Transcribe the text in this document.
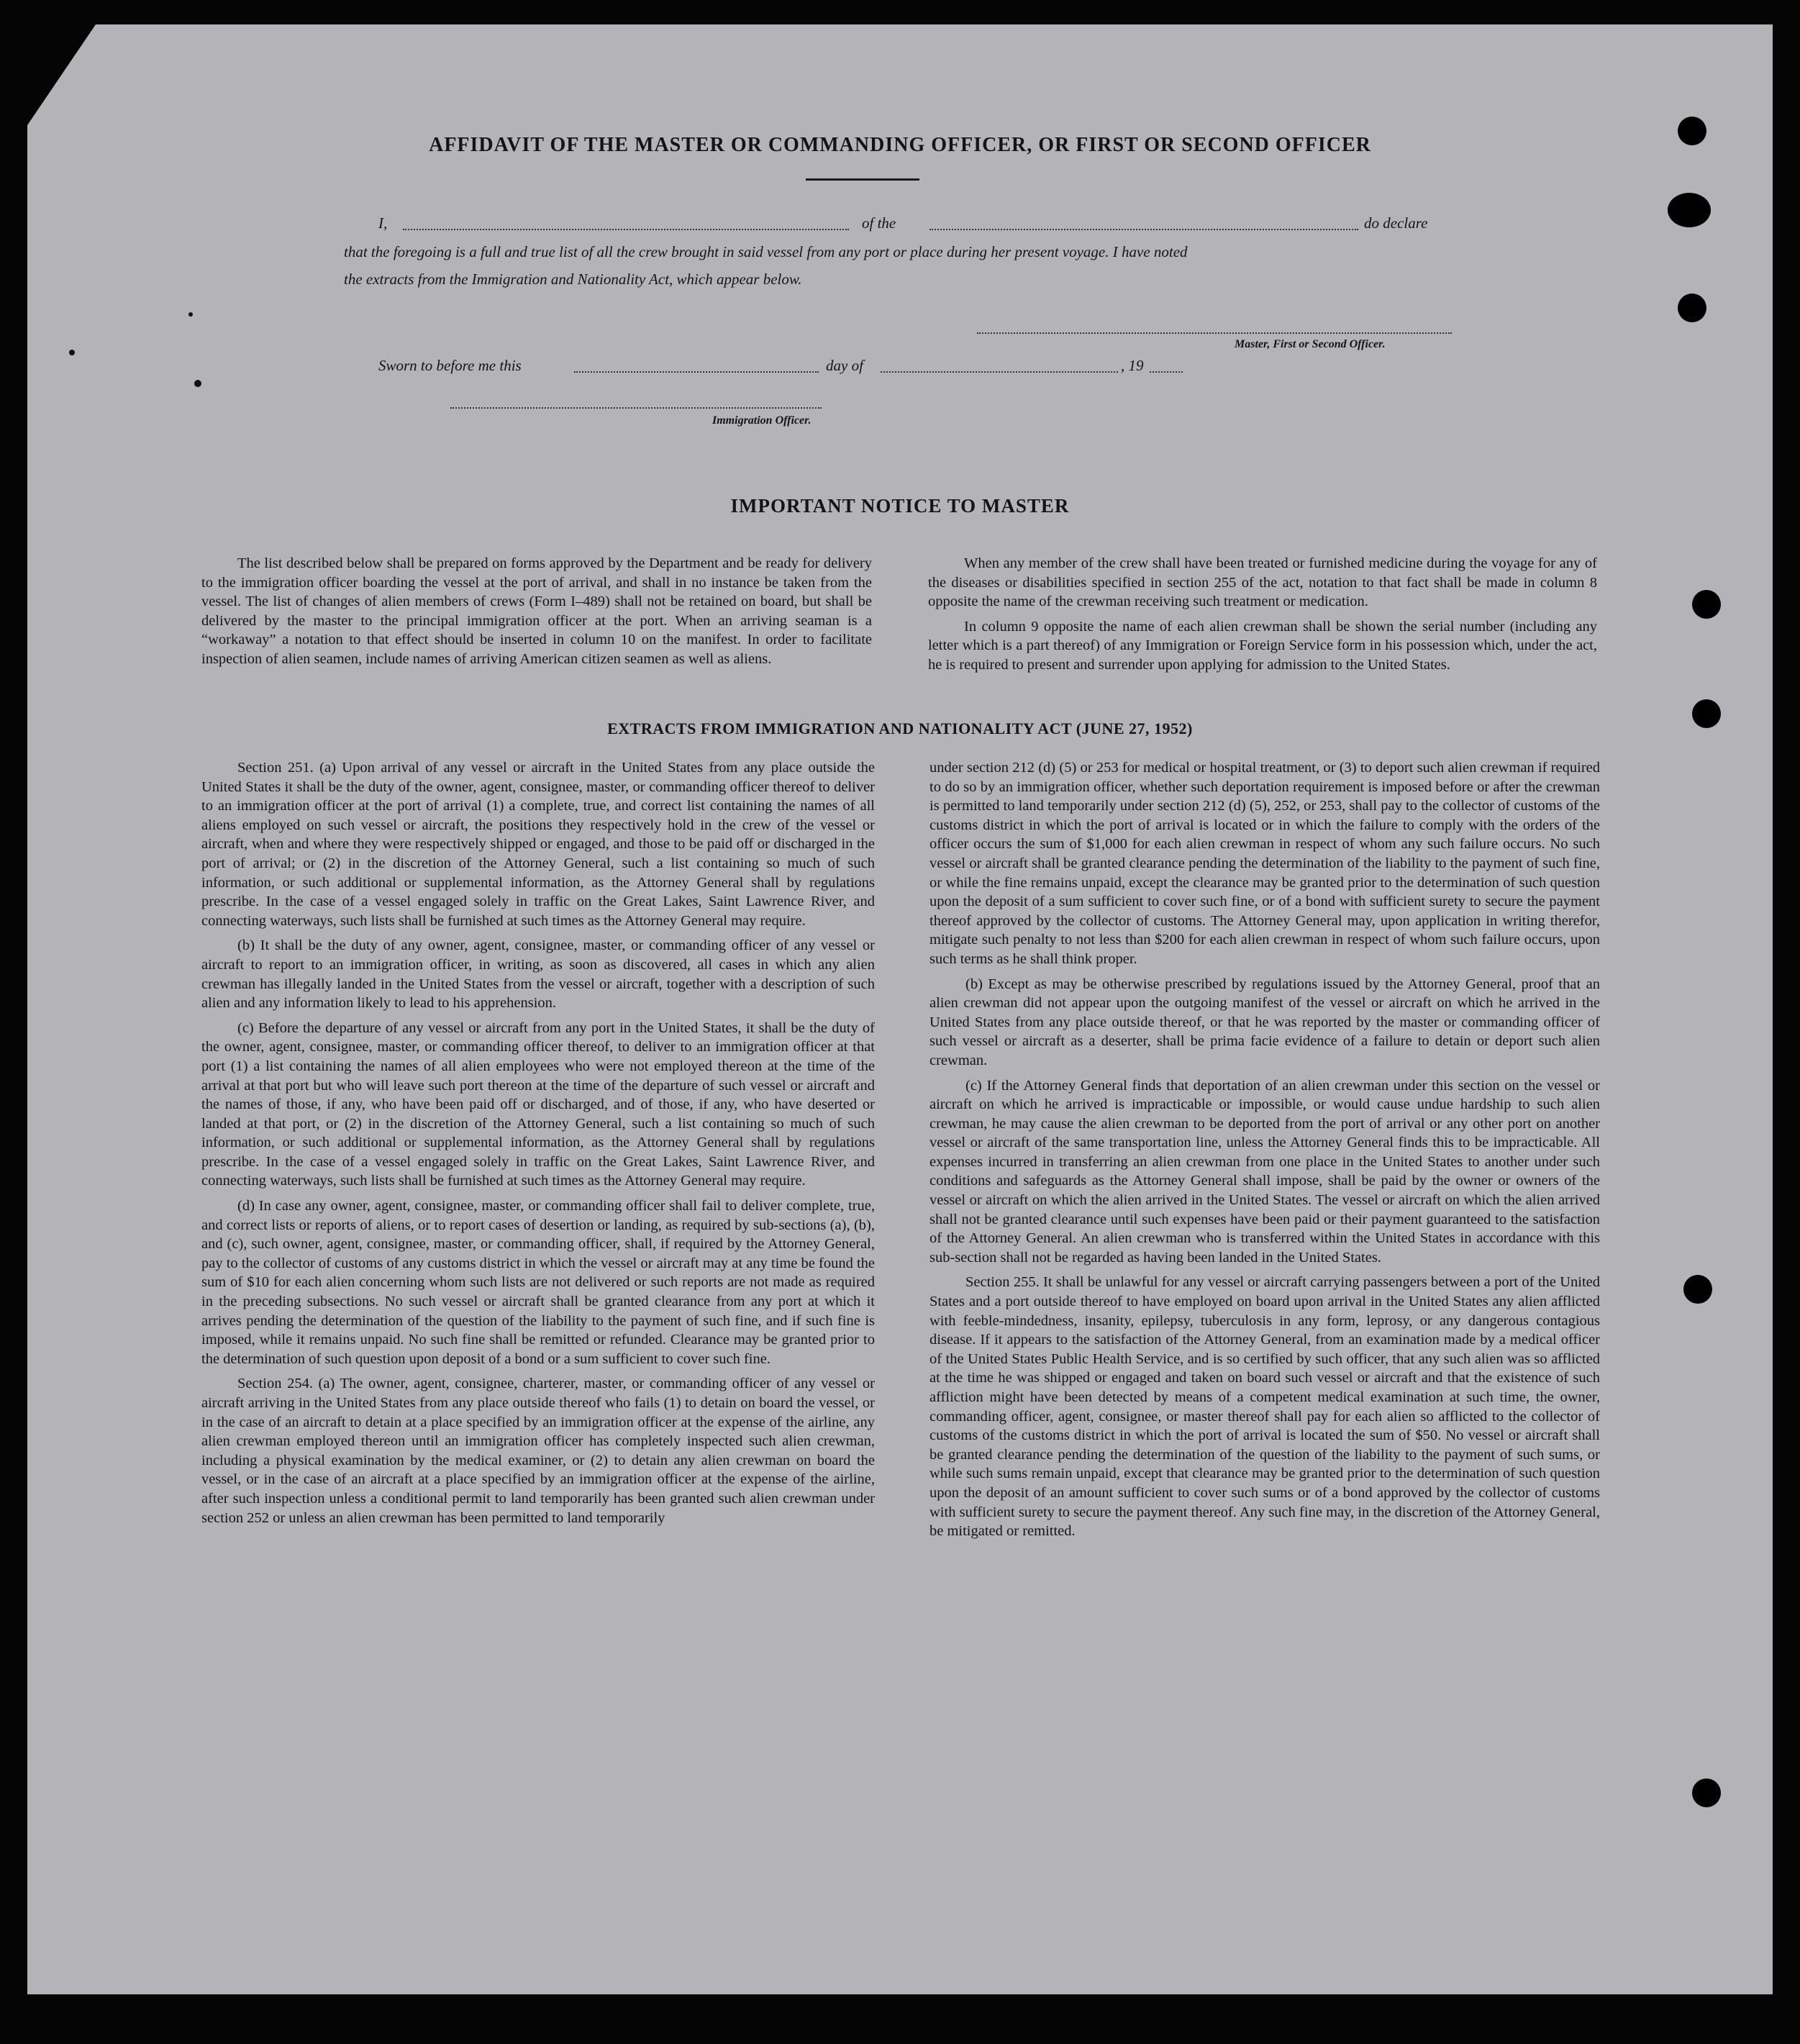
AFFIDAVIT OF THE MASTER OR COMMANDING OFFICER, OR FIRST OR SECOND OFFICER
I,	of the	do declare
that the foregoing is a full and true list of all the crew brought in said vessel from any port or place during her present voyage. I have noted
the extracts from the Immigration and Nationality Act, which appear below.
Master, First or Second Officer.
Sworn to before me this	day of	, 19
Immigration Officer.
IMPORTANT NOTICE TO MASTER

The list described below shall be prepared on forms approved by the Department and be ready for delivery to the immigration officer boarding the vessel at the port of arrival, and shall in no instance be taken from the vessel. The list of changes of alien members of crews (Form I–489) shall not be retained on board, but shall be delivered by the master to the principal immigration officer at the port. When an arriving seaman is a “workaway” a notation to that effect should be inserted in column 10 on the manifest. In order to facilitate inspection of alien seamen, include names of arriving American citizen seamen as well as aliens.

When any member of the crew shall have been treated or furnished medicine during the voyage for any of the diseases or disabilities specified in section 255 of the act, notation to that fact shall be made in column 8 opposite the name of the crewman receiving such treatment or medication.

In column 9 opposite the name of each alien crewman shall be shown the serial number (including any letter which is a part thereof) of any Immigration or Foreign Service form in his possession which, under the act, he is required to present and surrender upon applying for admission to the United States.

EXTRACTS FROM IMMIGRATION AND NATIONALITY ACT (JUNE 27, 1952)

Section 251. (a) Upon arrival of any vessel or aircraft in the United States from any place outside the United States it shall be the duty of the owner, agent, consignee, master, or commanding officer thereof to deliver to an immigration officer at the port of arrival (1) a complete, true, and correct list containing the names of all aliens employed on such vessel or aircraft, the positions they respectively hold in the crew of the vessel or aircraft, when and where they were respectively shipped or engaged, and those to be paid off or discharged in the port of arrival; or (2) in the discretion of the Attorney General, such a list containing so much of such information, or such additional or supplemental information, as the Attorney General shall by regulations prescribe. In the case of a vessel engaged solely in traffic on the Great Lakes, Saint Lawrence River, and connecting waterways, such lists shall be furnished at such times as the Attorney General may require.

(b) It shall be the duty of any owner, agent, consignee, master, or commanding officer of any vessel or aircraft to report to an immigration officer, in writing, as soon as discovered, all cases in which any alien crewman has illegally landed in the United States from the vessel or aircraft, together with a description of such alien and any information likely to lead to his apprehension.

(c) Before the departure of any vessel or aircraft from any port in the United States, it shall be the duty of the owner, agent, consignee, master, or commanding officer thereof, to deliver to an immigration officer at that port (1) a list containing the names of all alien employees who were not employed thereon at the time of the arrival at that port but who will leave such port thereon at the time of the departure of such vessel or aircraft and the names of those, if any, who have been paid off or discharged, and of those, if any, who have deserted or landed at that port, or (2) in the discretion of the Attorney General, such a list containing so much of such information, or such additional or supplemental information, as the Attorney General shall by regulations prescribe. In the case of a vessel engaged solely in traffic on the Great Lakes, Saint Lawrence River, and connecting waterways, such lists shall be furnished at such times as the Attorney General may require.

(d) In case any owner, agent, consignee, master, or commanding officer shall fail to deliver complete, true, and correct lists or reports of aliens, or to report cases of desertion or landing, as required by sub-sections (a), (b), and (c), such owner, agent, consignee, master, or commanding officer, shall, if required by the Attorney General, pay to the collector of customs of any customs district in which the vessel or aircraft may at any time be found the sum of $10 for each alien concerning whom such lists are not delivered or such reports are not made as required in the preceding subsections. No such vessel or aircraft shall be granted clearance from any port at which it arrives pending the determination of the question of the liability to the payment of such fine, and if such fine is imposed, while it remains unpaid. No such fine shall be remitted or refunded. Clearance may be granted prior to the determination of such question upon deposit of a bond or a sum sufficient to cover such fine.

Section 254. (a) The owner, agent, consignee, charterer, master, or commanding officer of any vessel or aircraft arriving in the United States from any place outside thereof who fails (1) to detain on board the vessel, or in the case of an aircraft to detain at a place specified by an immigration officer at the expense of the airline, any alien crewman employed thereon until an immigration officer has completely inspected such alien crewman, including a physical examination by the medical examiner, or (2) to detain any alien crewman on board the vessel, or in the case of an aircraft at a place specified by an immigration officer at the expense of the airline, after such inspection unless a conditional permit to land temporarily has been granted such alien crewman under section 252 or unless an alien crewman has been permitted to land temporarily

under section 212 (d) (5) or 253 for medical or hospital treatment, or (3) to deport such alien crewman if required to do so by an immigration officer, whether such deportation requirement is imposed before or after the crewman is permitted to land temporarily under section 212 (d) (5), 252, or 253, shall pay to the collector of customs of the customs district in which the port of arrival is located or in which the failure to comply with the orders of the officer occurs the sum of $1,000 for each alien crewman in respect of whom any such failure occurs. No such vessel or aircraft shall be granted clearance pending the determination of the liability to the payment of such fine, or while the fine remains unpaid, except the clearance may be granted prior to the determination of such question upon the deposit of a sum sufficient to cover such fine, or of a bond with sufficient surety to secure the payment thereof approved by the collector of customs. The Attorney General may, upon application in writing therefor, mitigate such penalty to not less than $200 for each alien crewman in respect of whom such failure occurs, upon such terms as he shall think proper.

(b) Except as may be otherwise prescribed by regulations issued by the Attorney General, proof that an alien crewman did not appear upon the outgoing manifest of the vessel or aircraft on which he arrived in the United States from any place outside thereof, or that he was reported by the master or commanding officer of such vessel or aircraft as a deserter, shall be prima facie evidence of a failure to detain or deport such alien crewman.

(c) If the Attorney General finds that deportation of an alien crewman under this section on the vessel or aircraft on which he arrived is impracticable or impossible, or would cause undue hardship to such alien crewman, he may cause the alien crewman to be deported from the port of arrival or any other port on another vessel or aircraft of the same transportation line, unless the Attorney General finds this to be impracticable. All expenses incurred in transferring an alien crewman from one place in the United States to another under such conditions and safeguards as the Attorney General shall impose, shall be paid by the owner or owners of the vessel or aircraft on which the alien arrived in the United States. The vessel or aircraft on which the alien arrived shall not be granted clearance until such expenses have been paid or their payment guaranteed to the satisfaction of the Attorney General. An alien crewman who is transferred within the United States in accordance with this sub-section shall not be regarded as having been landed in the United States.

Section 255. It shall be unlawful for any vessel or aircraft carrying passengers between a port of the United States and a port outside thereof to have employed on board upon arrival in the United States any alien afflicted with feeble-mindedness, insanity, epilepsy, tuberculosis in any form, leprosy, or any dangerous contagious disease. If it appears to the satisfaction of the Attorney General, from an examination made by a medical officer of the United States Public Health Service, and is so certified by such officer, that any such alien was so afflicted at the time he was shipped or engaged and taken on board such vessel or aircraft and that the existence of such affliction might have been detected by means of a competent medical examination at such time, the owner, commanding officer, agent, consignee, or master thereof shall pay for each alien so afflicted to the collector of customs of the customs district in which the port of arrival is located the sum of $50. No vessel or aircraft shall be granted clearance pending the determination of the question of the liability to the payment of such sums, or while such sums remain unpaid, except that clearance may be granted prior to the determination of such question upon the deposit of an amount sufficient to cover such sums or of a bond approved by the collector of customs with sufficient surety to secure the payment thereof. Any such fine may, in the discretion of the Attorney General, be mitigated or remitted.
